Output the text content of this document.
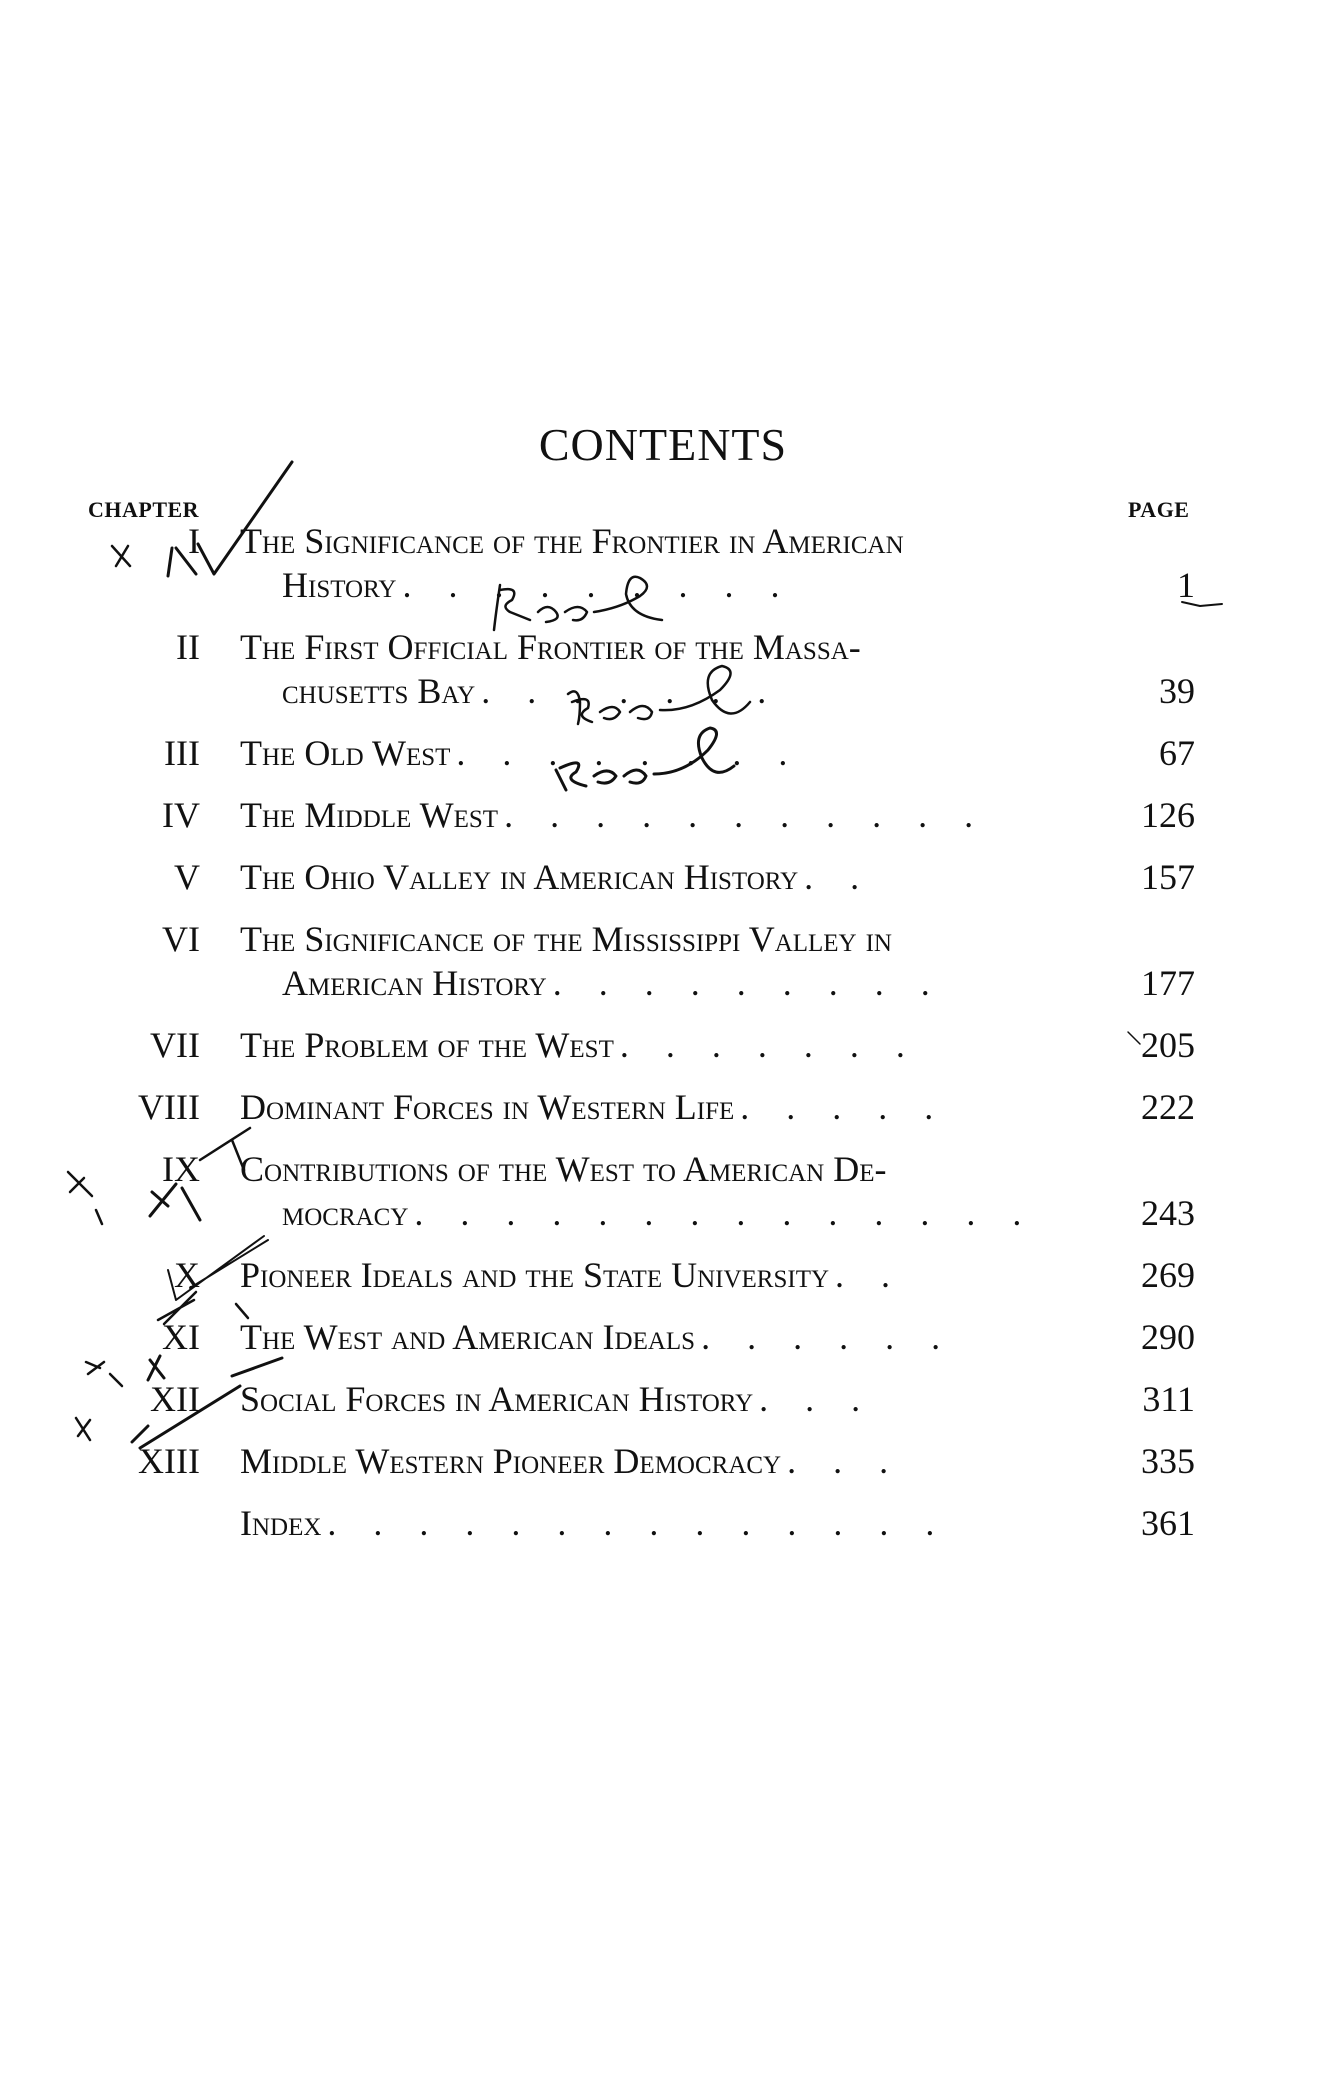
CONTENTS
CHAPTER	PAGE
I The Significance of the Frontier in American
History . . . . . . . . .	1
II The First Official Frontier of the Massa-
chusetts Bay . . . . . . .	39
III The Old West . . . . . . . .	67
IV The Middle West . . . . . . . . . . .	126
V The Ohio Valley in American History . .	157
VI The Significance of the Mississippi Valley in
American History . . . . . . . . .	177
VII The Problem of the West . . . . . . .	205
VIII Dominant Forces in Western Life . . . . .	222
IX Contributions of the West to American De-
mocracy . . . . . . . . . . . . . .	243
X Pioneer Ideals and the State University . .	269
XI The West and American Ideals . . . . . .	290
XII Social Forces in American History . . .	311
XIII Middle Western Pioneer Democracy . . .	335
Index . . . . . . . . . . . . . .	361
